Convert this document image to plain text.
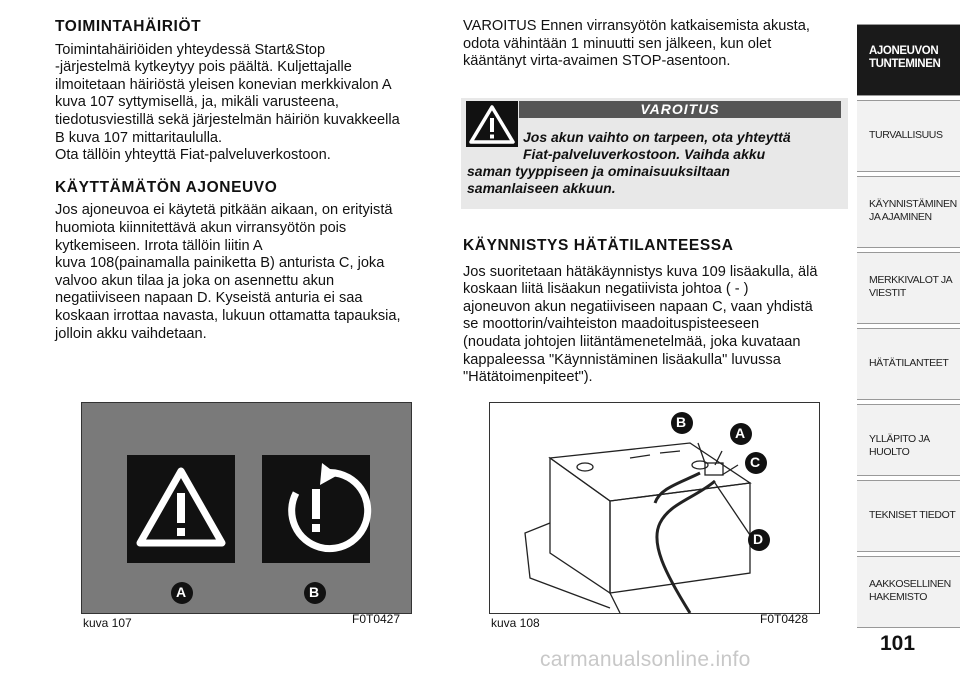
TOIMINTAHÄIRIÖT

Toimintahäiriöiden yhteydessä Start&Stop
-järjestelmä kytkeytyy pois päältä. Kuljettajalle
ilmoitetaan häiriöstä yleisen konevian merkkivalon A
kuva 107 syttymisellä, ja, mikäli varusteena,
tiedotusviestillä sekä järjestelmän häiriön kuvakkeella
B kuva 107 mittaritaululla.
Ota tällöin yhteyttä Fiat-palveluverkostoon.

KÄYTTÄMÄTÖN AJONEUVO

Jos ajoneuvoa ei käytetä pitkään aikaan, on erityistä
huomiota kiinnitettävä akun virransyötön pois
kytkemiseen. Irrota tällöin liitin A
kuva 108(painamalla painiketta B) anturista C, joka
valvoo akun tilaa ja joka on asennettu akun
negatiiviseen napaan D. Kyseistä anturia ei saa
koskaan irrottaa navasta, lukuun ottamatta tapauksia,
jolloin akku vaihdetaan.

VAROITUS Ennen virransyötön katkaisemista akusta,
odota vähintään 1 minuutti sen jälkeen, kun olet
kääntänyt virta-avaimen STOP-asentoon.

VAROITUS
Jos akun vaihto on tarpeen, ota yhteyttä
Fiat-palveluverkostoon. Vaihda akku
saman tyyppiseen ja ominaisuuksiltaan
samanlaiseen akkuun.
KÄYNNISTYS HÄTÄTILANTEESSA

Jos suoritetaan hätäkäynnistys kuva 109 lisäakulla, älä
koskaan liitä lisäakun negatiivista johtoa ( - )
ajoneuvon akun negatiiviseen napaan C, vaan yhdistä
se moottorin/vaihteiston maadoituspisteeseen
(noudata johtojen liitäntämenetelmää, joka kuvataan
kappaleessa "Käynnistäminen lisäakulla" luvussa
"Hätätoimenpiteet").

A	B
kuva 107	F0T0427
B
A
C
D
kuva 108	F0T0428
AJONEUVON
TUNTEMINEN
TURVALLISUUS
KÄYNNISTÄMINEN
JA AJAMINEN
MERKKIVALOT JA
VIESTIT
HÄTÄTILANTEET
YLLÄPITO JA HUOLTO
TEKNISET TIEDOT
AAKKOSELLINEN
HAKEMISTO
101
carmanualsonline.info
